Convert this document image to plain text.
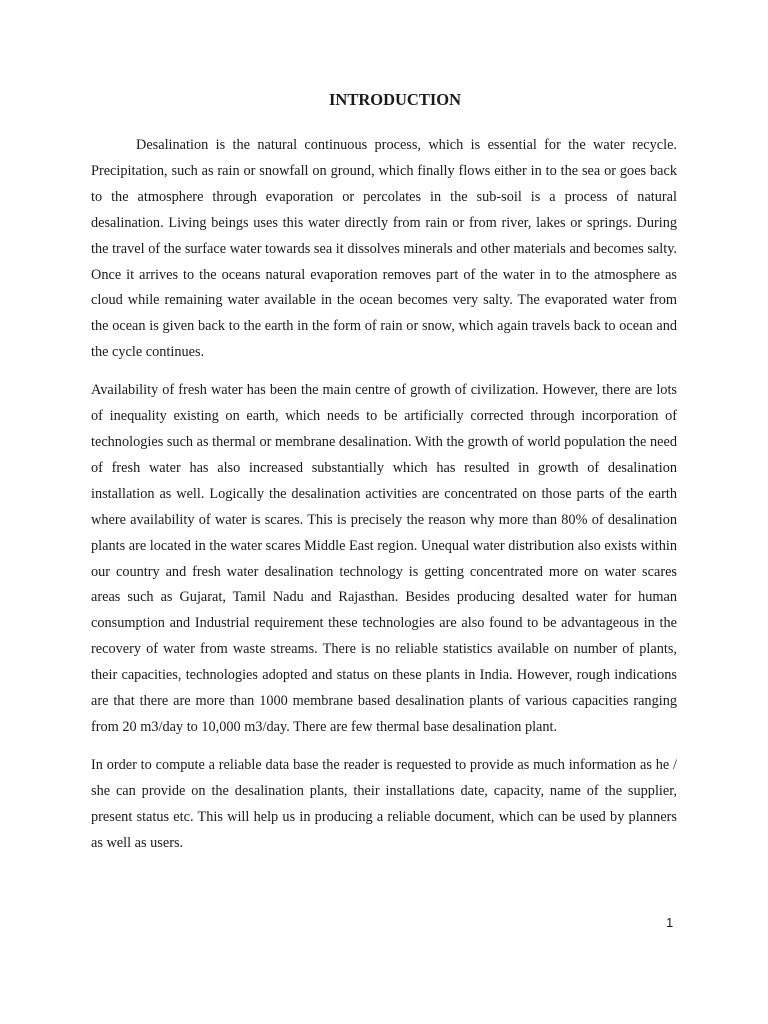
INTRODUCTION

Desalination is the natural continuous process, which is essential for the water recycle. Precipitation, such as rain or snowfall on ground, which finally flows either in to the sea or goes back to the atmosphere through evaporation or percolates in the sub-soil is a process of natural desalination. Living beings uses this water directly from rain or from river, lakes or springs. During the travel of the surface water towards sea it dissolves minerals and other materials and becomes salty. Once it arrives to the oceans natural evaporation removes part of the water in to the atmosphere as cloud while remaining water available in the ocean becomes very salty. The evaporated water from the ocean is given back to the earth in the form of rain or snow, which again travels back to ocean and the cycle continues.

Availability of fresh water has been the main centre of growth of civilization. However, there are lots of inequality existing on earth, which needs to be artificially corrected through incorporation of technologies such as thermal or membrane desalination. With the growth of world population the need of fresh water has also increased substantially which has resulted in growth of desalination installation as well. Logically the desalination activities are concentrated on those parts of the earth where availability of water is scares. This is precisely the reason why more than 80% of desalination plants are located in the water scares Middle East region. Unequal water distribution also exists within our country and fresh water desalination technology is getting concentrated more on water scares areas such as Gujarat, Tamil Nadu and Rajasthan. Besides producing desalted water for human consumption and Industrial requirement these technologies are also found to be advantageous in the recovery of water from waste streams. There is no reliable statistics available on number of plants, their capacities, technologies adopted and status on these plants in India. However, rough indications are that there are more than 1000 membrane based desalination plants of various capacities ranging from 20 m3/day to 10,000 m3/day. There are few thermal base desalination plant.

In order to compute a reliable data base the reader is requested to provide as much information as he / she can provide on the desalination plants, their installations date, capacity, name of the supplier, present status etc. This will help us in producing a reliable document, which can be used by planners as well as users.

1
